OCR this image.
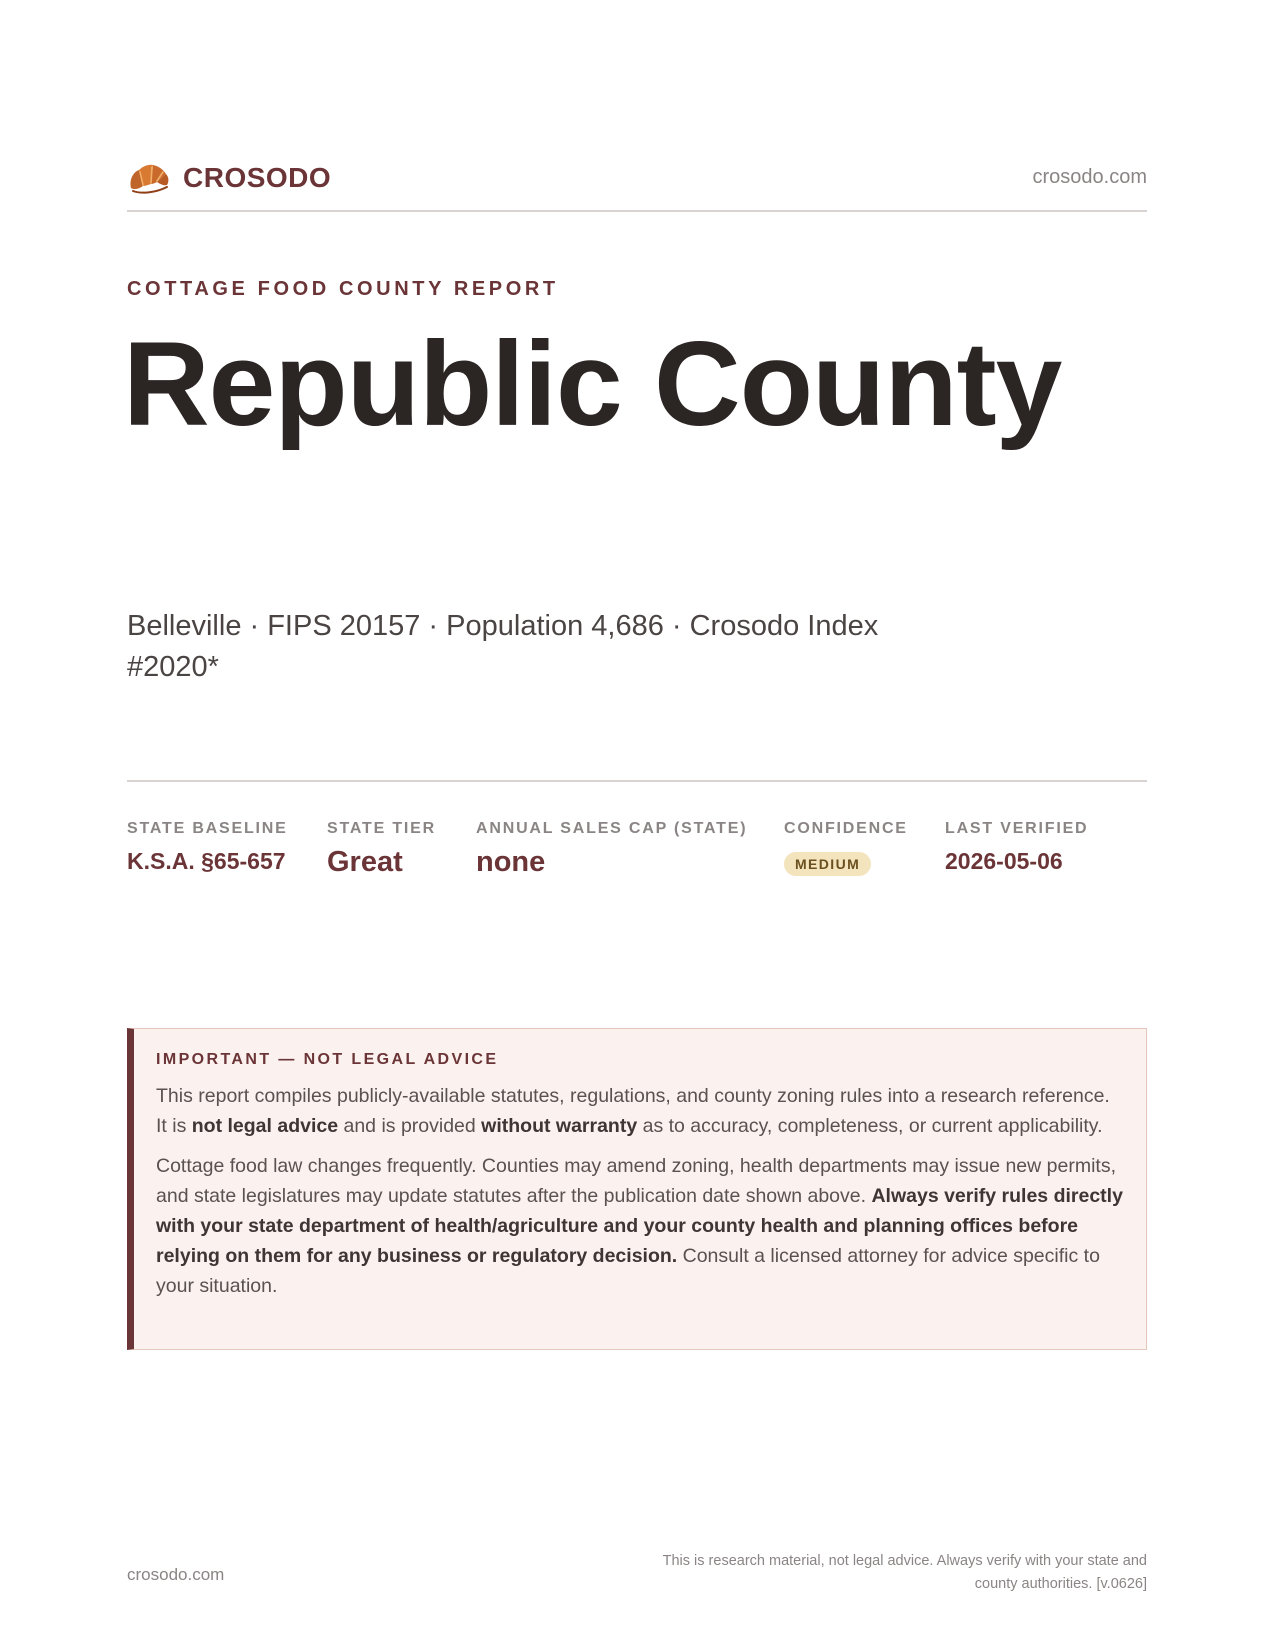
CROSODO	crosodo.com
COTTAGE FOOD COUNTY REPORT
Republic County
Belleville · FIPS 20157 · Population 4,686 · Crosodo Index #2020*
STATE BASELINE
K.S.A. §65-657
STATE TIER
Great
ANNUAL SALES CAP (STATE)
none
CONFIDENCE
MEDIUM
LAST VERIFIED
2026-05-06
IMPORTANT — NOT LEGAL ADVICE

This report compiles publicly-available statutes, regulations, and county zoning rules into a research reference. It is not legal advice and is provided without warranty as to accuracy, completeness, or current applicability.

Cottage food law changes frequently. Counties may amend zoning, health departments may issue new permits, and state legislatures may update statutes after the publication date shown above. Always verify rules directly with your state department of health/agriculture and your county health and planning offices before relying on them for any business or regulatory decision. Consult a licensed attorney for advice specific to your situation.

crosodo.com
This is research material, not legal advice. Always verify with your state and county authorities. [v.0626]
